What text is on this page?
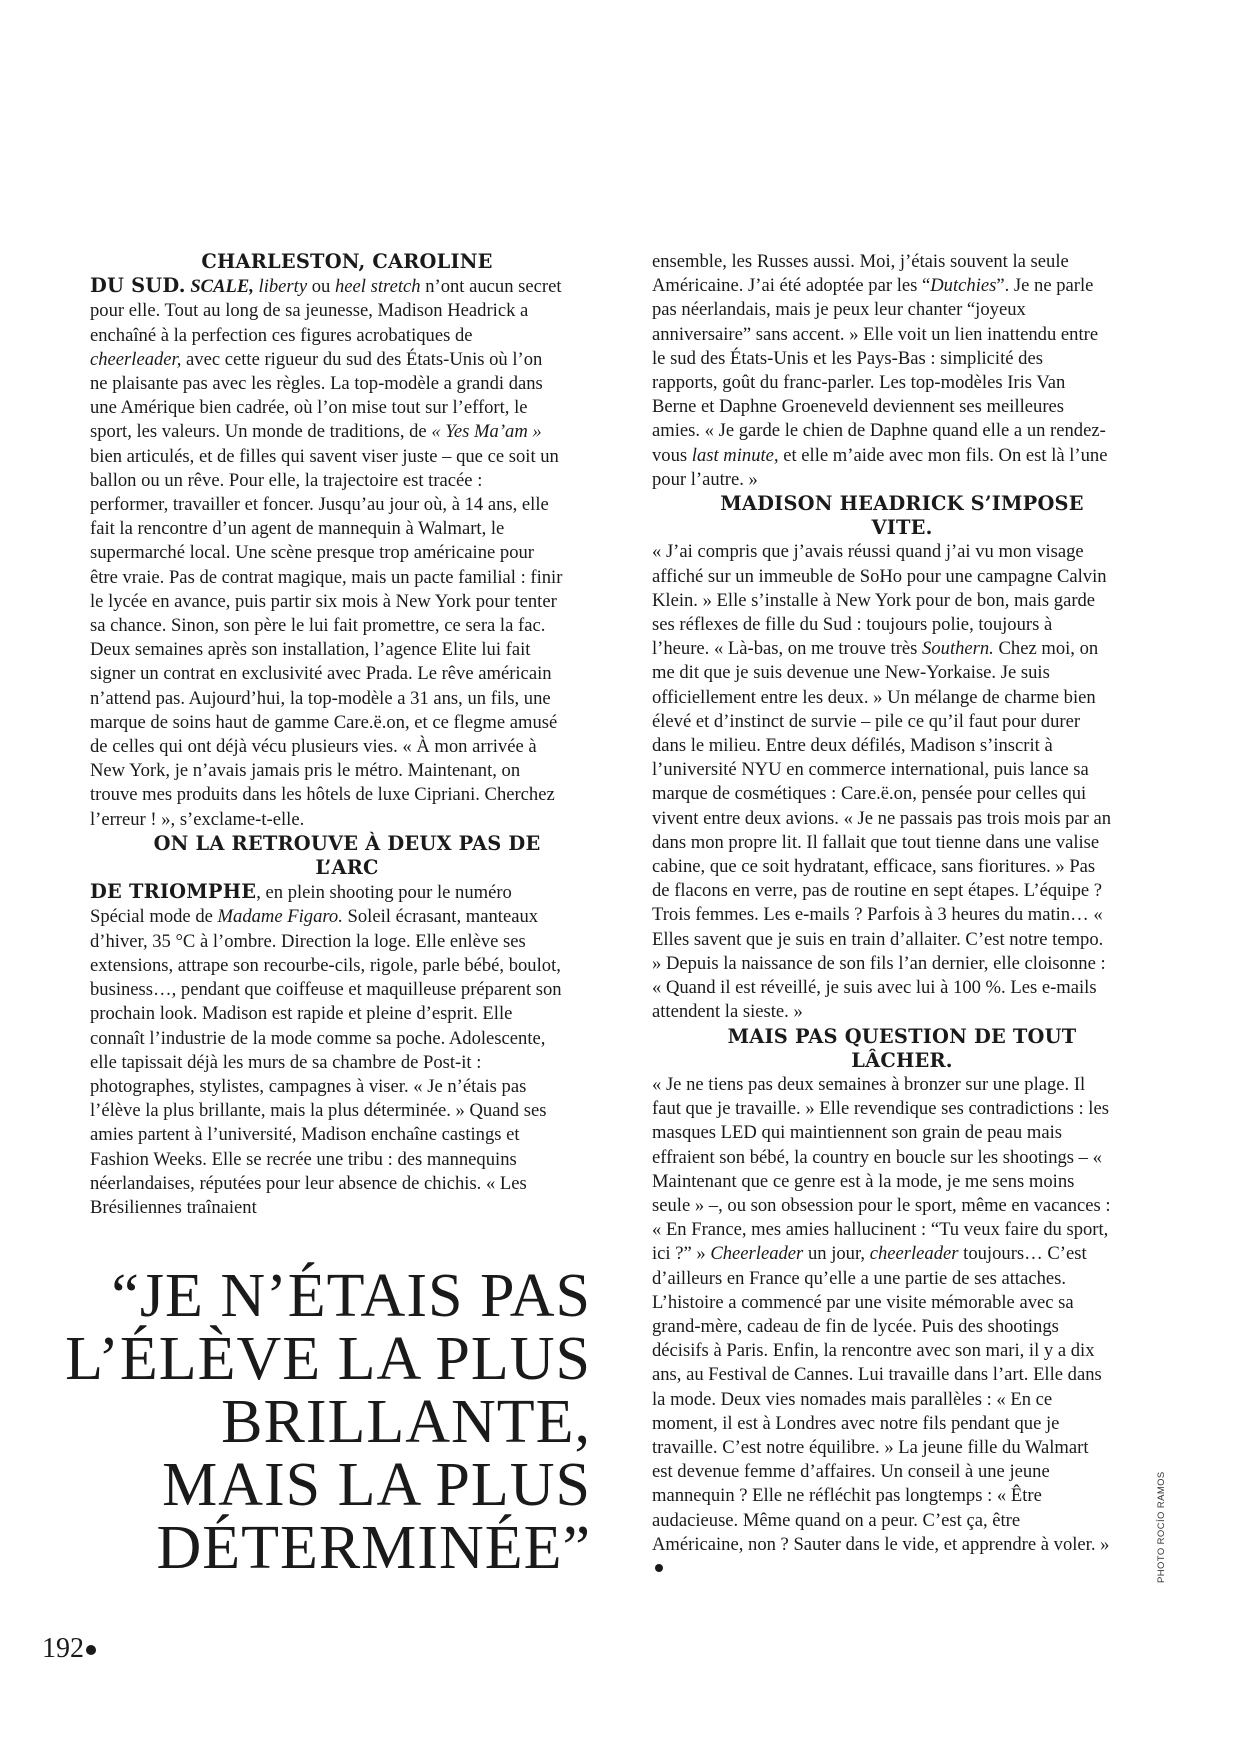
CHARLESTON, CAROLINE
DU SUD. SCALE, liberty ou heel stretch n’ont aucun secret pour elle. Tout au long de sa jeunesse, Madison Headrick a enchaîné à la perfection ces figures acrobatiques de cheerleader, avec cette rigueur du sud des États-Unis où l’on ne plaisante pas avec les règles. La top-modèle a grandi dans une Amérique bien cadrée, où l’on mise tout sur l’effort, le sport, les valeurs. Un monde de traditions, de « Yes Ma’am » bien articulés, et de filles qui savent viser juste – que ce soit un ballon ou un rêve. Pour elle, la trajectoire est tracée : performer, travailler et foncer. Jusqu’au jour où, à 14 ans, elle fait la rencontre d’un agent de mannequin à Walmart, le supermarché local. Une scène presque trop américaine pour être vraie. Pas de contrat magique, mais un pacte familial : finir le lycée en avance, puis partir six mois à New York pour tenter sa chance. Sinon, son père le lui fait promettre, ce sera la fac. Deux semaines après son installation, l’agence Elite lui fait signer un contrat en exclusivité avec Prada. Le rêve américain n’attend pas. Aujourd’hui, la top-modèle a 31 ans, un fils, une marque de soins haut de gamme Care.ë.on, et ce flegme amusé de celles qui ont déjà vécu plusieurs vies. « À mon arrivée à New York, je n’avais jamais pris le métro. Maintenant, on trouve mes produits dans les hôtels de luxe Cipriani. Cherchez l’erreur ! », s’exclame-t-elle.

ON LA RETROUVE À DEUX PAS DE L’ARC
DE TRIOMPHE, en plein shooting pour le numéro Spécial mode de Madame Figaro. Soleil écrasant, manteaux d’hiver, 35 °C à l’ombre. Direction la loge. Elle enlève ses extensions, attrape son recourbe-cils, rigole, parle bébé, boulot, business…, pendant que coiffeuse et maquilleuse préparent son prochain look. Madison est rapide et pleine d’esprit. Elle connaît l’industrie de la mode comme sa poche. Adolescente, elle tapissait déjà les murs de sa chambre de Post-it : photographes, stylistes, campagnes à viser. « Je n’étais pas l’élève la plus brillante, mais la plus déterminée. » Quand ses amies partent à l’université, Madison enchaîne castings et Fashion Weeks. Elle se recrée une tribu : des mannequins néerlandaises, réputées pour leur absence de chichis. « Les Brésiliennes traînaient

ensemble, les Russes aussi. Moi, j’étais souvent la seule Américaine. J’ai été adoptée par les “Dutchies”. Je ne parle pas néerlandais, mais je peux leur chanter “joyeux anniversaire” sans accent. » Elle voit un lien inattendu entre le sud des États-Unis et les Pays-Bas : simplicité des rapports, goût du franc-parler. Les top-modèles Iris Van Berne et Daphne Groeneveld deviennent ses meilleures amies. « Je garde le chien de Daphne quand elle a un rendez-vous last minute, et elle m’aide avec mon fils. On est là l’une pour l’autre. »

MADISON HEADRICK S’IMPOSE VITE.
« J’ai compris que j’avais réussi quand j’ai vu mon visage affiché sur un immeuble de SoHo pour une campagne Calvin Klein. » Elle s’installe à New York pour de bon, mais garde ses réflexes de fille du Sud : toujours polie, toujours à l’heure. « Là-bas, on me trouve très Southern. Chez moi, on me dit que je suis devenue une New-Yorkaise. Je suis officiellement entre les deux. » Un mélange de charme bien élevé et d’instinct de survie – pile ce qu’il faut pour durer dans le milieu. Entre deux défilés, Madison s’inscrit à l’université NYU en commerce international, puis lance sa marque de cosmétiques : Care.ë.on, pensée pour celles qui vivent entre deux avions. « Je ne passais pas trois mois par an dans mon propre lit. Il fallait que tout tienne dans une valise cabine, que ce soit hydratant, efficace, sans fioritures. » Pas de flacons en verre, pas de routine en sept étapes. L’équipe ? Trois femmes. Les e-mails ? Parfois à 3 heures du matin… « Elles savent que je suis en train d’allaiter. C’est notre tempo. » Depuis la naissance de son fils l’an dernier, elle cloisonne : « Quand il est réveillé, je suis avec lui à 100 %. Les e-mails attendent la sieste. »

MAIS PAS QUESTION DE TOUT LÂCHER.
« Je ne tiens pas deux semaines à bronzer sur une plage. Il faut que je travaille. » Elle revendique ses contradictions : les masques LED qui maintiennent son grain de peau mais effraient son bébé, la country en boucle sur les shootings – « Maintenant que ce genre est à la mode, je me sens moins seule » –, ou son obsession pour le sport, même en vacances : « En France, mes amies hallucinent : “Tu veux faire du sport, ici ?” » Cheerleader un jour, cheerleader toujours… C’est d’ailleurs en France qu’elle a une partie de ses attaches. L’histoire a commencé par une visite mémorable avec sa grand-mère, cadeau de fin de lycée. Puis des shootings décisifs à Paris. Enfin, la rencontre avec son mari, il y a dix ans, au Festival de Cannes. Lui travaille dans l’art. Elle dans la mode. Deux vies nomades mais parallèles : « En ce moment, il est à Londres avec notre fils pendant que je travaille. C’est notre équilibre. » La jeune fille du Walmart est devenue femme d’affaires. Un conseil à une jeune mannequin ? Elle ne réfléchit pas longtemps : « Être audacieuse. Même quand on a peur. C’est ça, être Américaine, non ? Sauter dans le vide, et apprendre à voler. »

“JE N’ÉTAIS PAS
L’ÉLÈVE LA PLUS
BRILLANTE,
MAIS LA PLUS
DÉTERMINÉE”
192
PHOTO ROCÍO RAMOS
